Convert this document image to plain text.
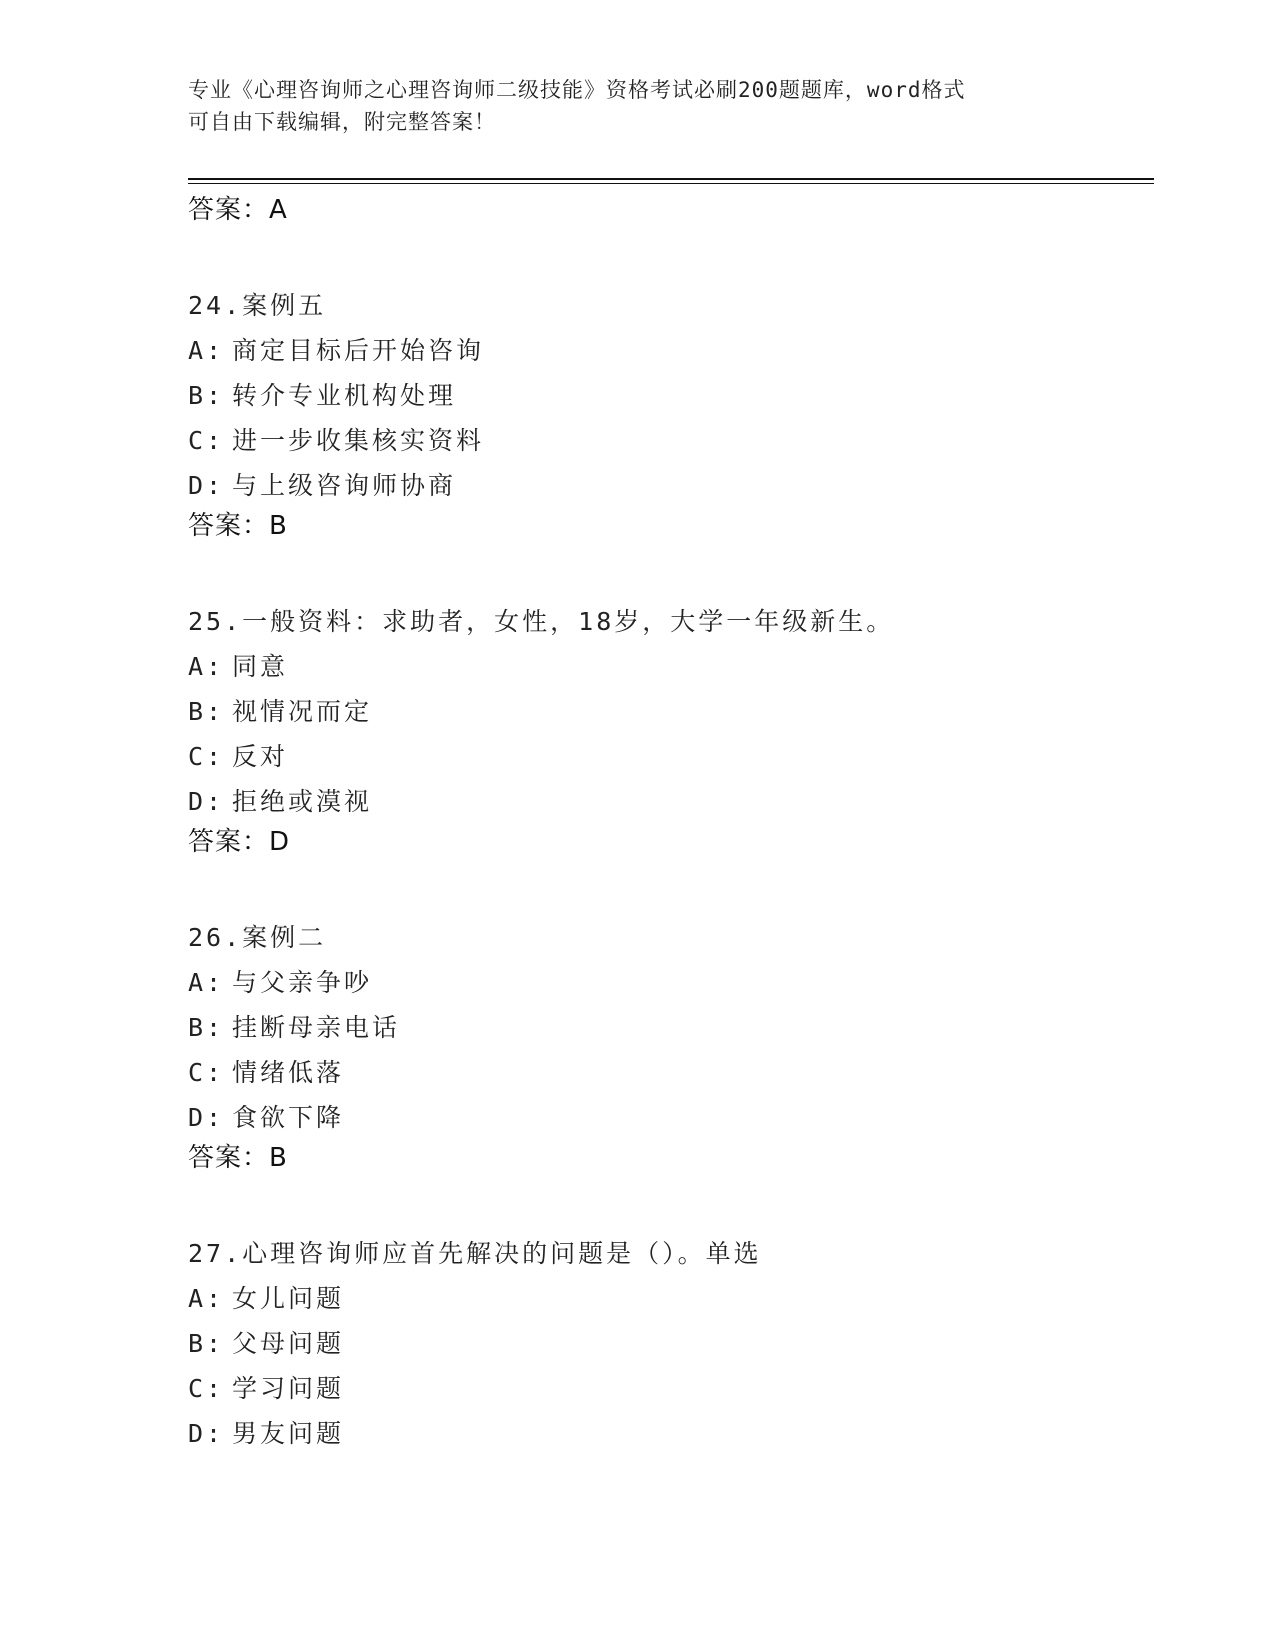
专业《心理咨询师之心理咨询师二级技能》资格考试必刷200题题库，word格式
可自由下载编辑，附完整答案！
答案：A
24.案例五
A: 商定目标后开始咨询
B: 转介专业机构处理
C: 进一步收集核实资料
D: 与上级咨询师协商
答案：B
25.一般资料：求助者，女性，18岁，大学一年级新生。
A: 同意
B: 视情况而定
C: 反对
D: 拒绝或漠视
答案：D
26.案例二
A: 与父亲争吵
B: 挂断母亲电话
C: 情绪低落
D: 食欲下降
答案：B
27.心理咨询师应首先解决的问题是（）。单选
A: 女儿问题
B: 父母问题
C: 学习问题
D: 男友问题
